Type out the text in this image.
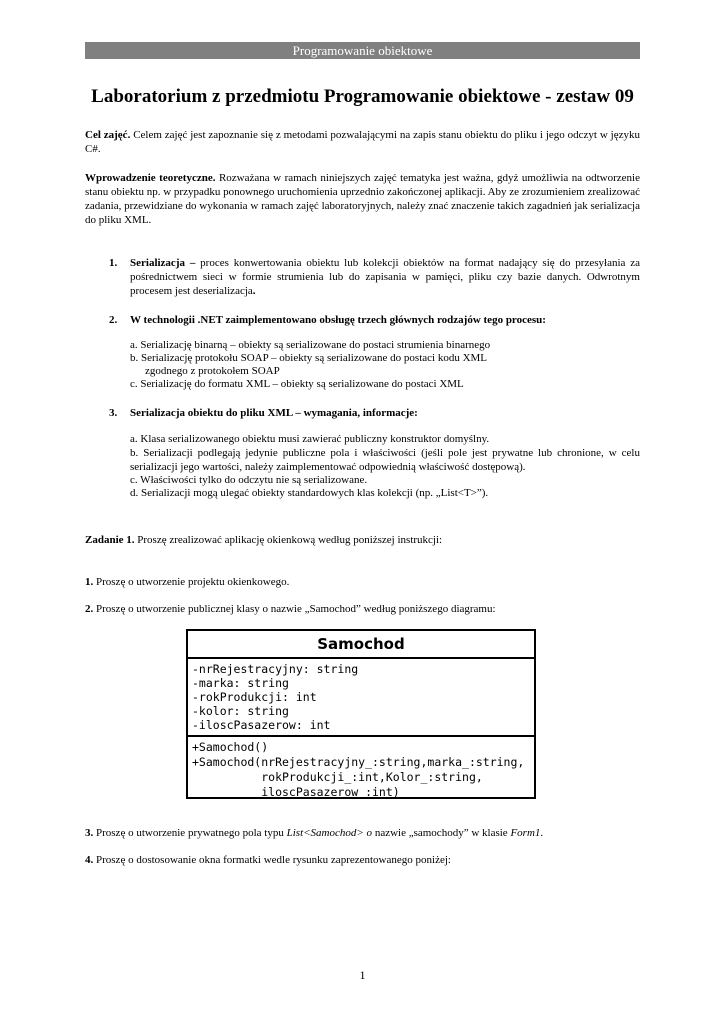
Programowanie obiektowe
Laboratorium z przedmiotu Programowanie obiektowe - zestaw 09
Cel zajęć. Celem zajęć jest zapoznanie się z metodami pozwalającymi na zapis stanu obiektu do pliku i jego odczyt w języku C#.
Wprowadzenie teoretyczne. Rozważana w ramach niniejszych zajęć tematyka jest ważna, gdyż umożliwia na odtworzenie stanu obiektu np. w przypadku ponownego uruchomienia uprzednio zakończonej aplikacji. Aby ze zrozumieniem zrealizować zadania, przewidziane do wykonania w ramach zajęć laboratoryjnych, należy znać znaczenie takich zagadnień jak serializacja do pliku XML.
1. Serializacja – proces konwertowania obiektu lub kolekcji obiektów na format nadający się do przesyłania za pośrednictwem sieci w formie strumienia lub do zapisania w pamięci, pliku czy bazie danych. Odwrotnym procesem jest deserializacja.
2. W technologii .NET zaimplementowano obsługę trzech głównych rodzajów tego procesu:
a. Serializację binarną – obiekty są serializowane do postaci strumienia binarnego
b. Serializację protokołu SOAP – obiekty są serializowane do postaci kodu XML
zgodnego z protokołem SOAP
c. Serializację do formatu XML – obiekty są serializowane do postaci XML
3. Serializacja obiektu do pliku XML – wymagania, informacje:
a. Klasa serializowanego obiektu musi zawierać publiczny konstruktor domyślny.
b. Serializacji podlegają jedynie publiczne pola i właściwości (jeśli pole jest prywatne lub chronione, w celu serializacji jego wartości, należy zaimplementować odpowiednią właściwość dostępową).
c. Właściwości tylko do odczytu nie są serializowane.
d. Serializacji mogą ulegać obiekty standardowych klas kolekcji (np. „List<T>”).
Zadanie 1. Proszę zrealizować aplikację okienkową według poniższej instrukcji:
1. Proszę o utworzenie projektu okienkowego.
2. Proszę o utworzenie publicznej klasy o nazwie „Samochod” według poniższego diagramu:
Samochod
-nrRejestracyjny: string
-marka: string
-rokProdukcji: int
-kolor: string
-iloscPasazerow: int
+Samochod()
+Samochod(nrRejestracyjny_:string,marka_:string,
rokProdukcji_:int,Kolor_:string,
iloscPasazerow_:int)
3. Proszę o utworzenie prywatnego pola typu List<Samochod> o nazwie „samochody” w klasie Form1.
4. Proszę o dostosowanie okna formatki wedle rysunku zaprezentowanego poniżej:
1
